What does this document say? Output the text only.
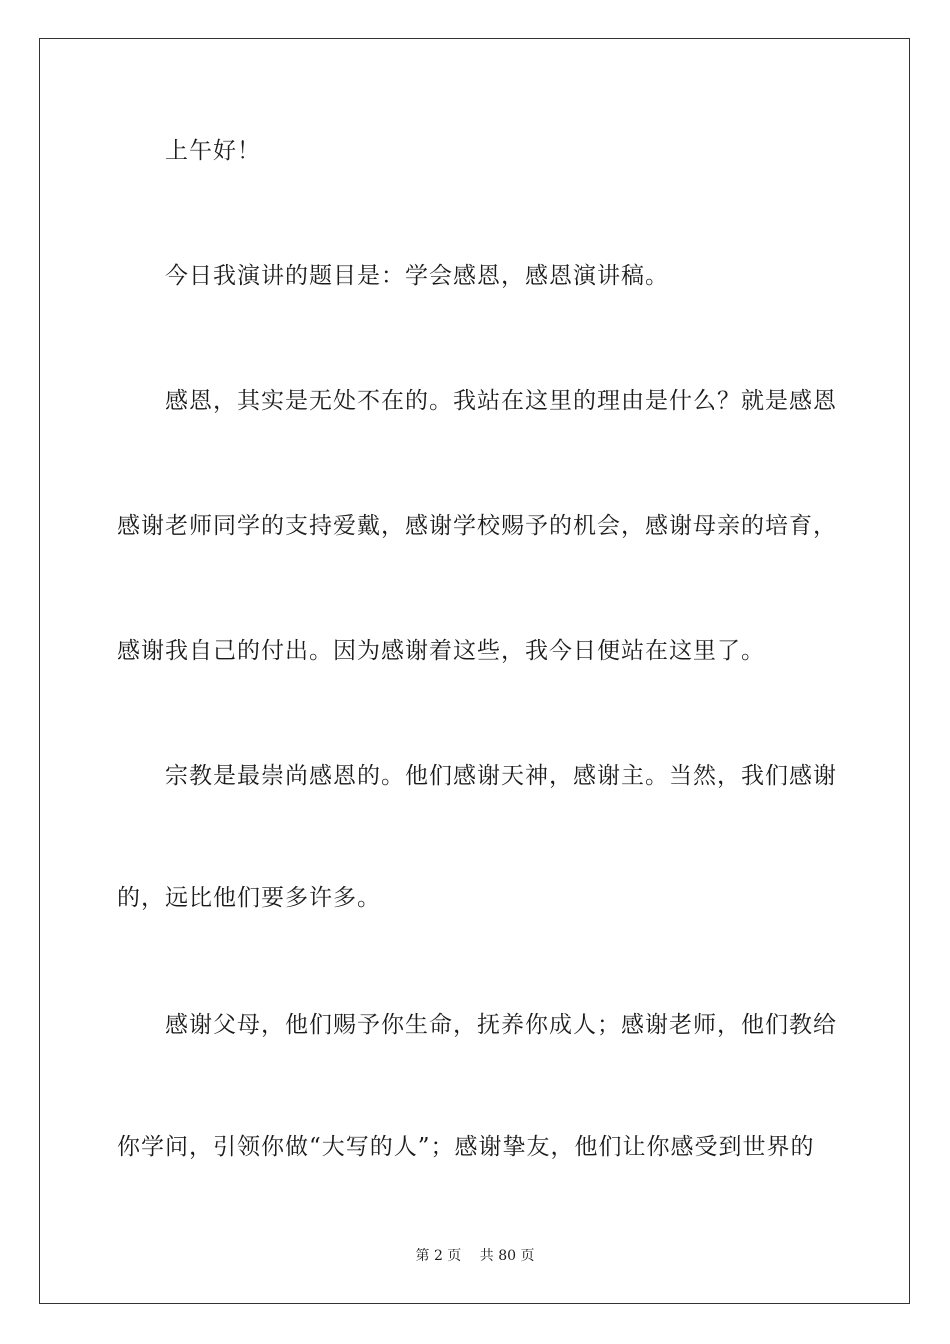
上午好！
今日我演讲的题目是：学会感恩，感恩演讲稿。
感恩，其实是无处不在的。我站在这里的理由是什么？就是感恩
感谢老师同学的支持爱戴，感谢学校赐予的机会，感谢母亲的培育，
感谢我自己的付出。因为感谢着这些，我今日便站在这里了。
宗教是最崇尚感恩的。他们感谢天神，感谢主。当然，我们感谢
的，远比他们要多许多。
感谢父母，他们赐予你生命，抚养你成人；感谢老师，他们教给
你学问，引领你做“大写的人”；感谢挚友，他们让你感受到世界的
第 2 页 共 80 页
